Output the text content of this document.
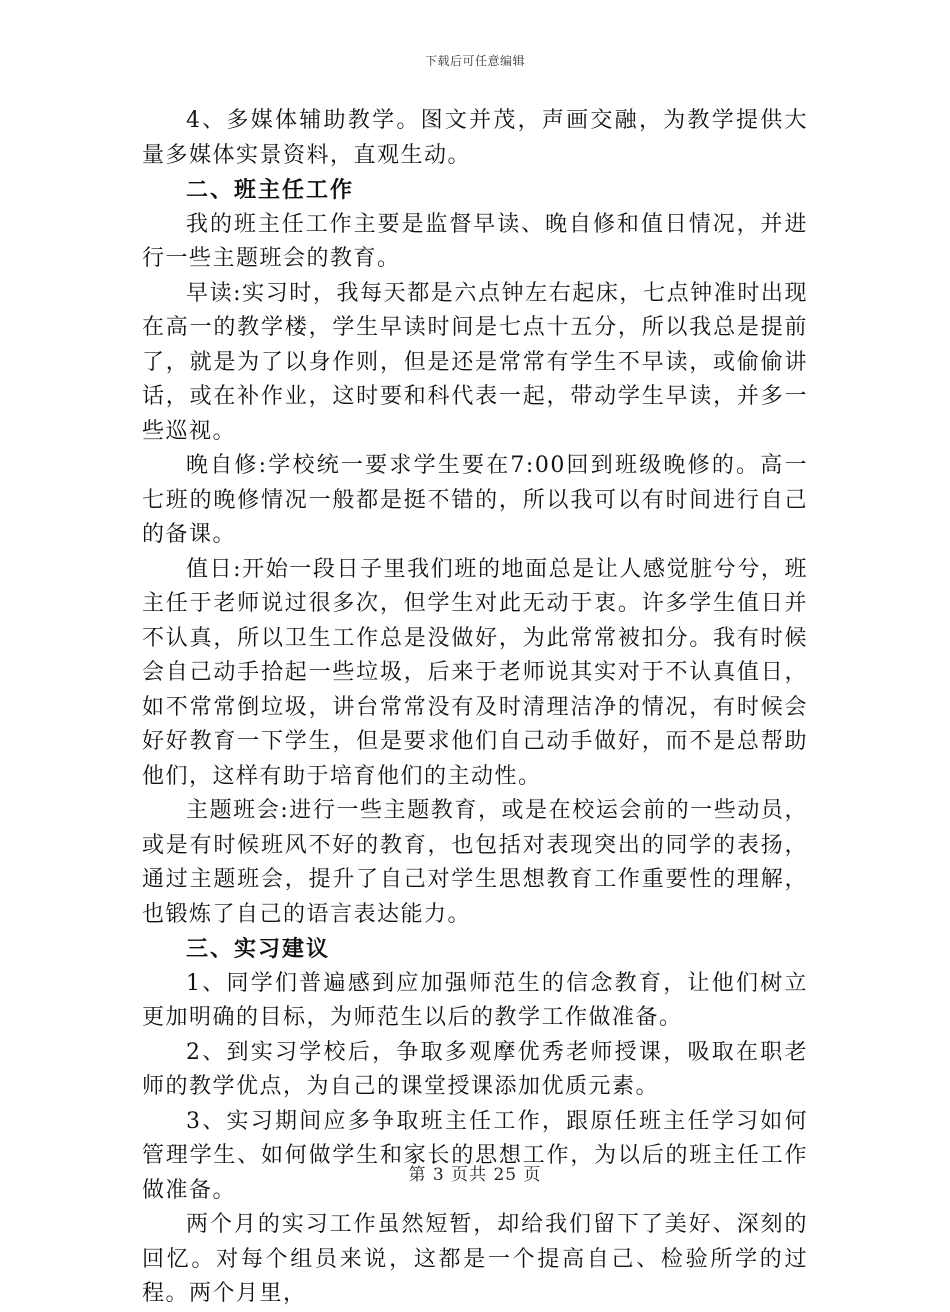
下载后可任意编辑

4、多媒体辅助教学。图文并茂，声画交融，为教学提供大量多媒体实景资料，直观生动。

二、班主任工作

我的班主任工作主要是监督早读、晚自修和值日情况，并进行一些主题班会的教育。

早读:实习时，我每天都是六点钟左右起床，七点钟准时出现在高一的教学楼，学生早读时间是七点十五分，所以我总是提前了，就是为了以身作则，但是还是常常有学生不早读，或偷偷讲话，或在补作业，这时要和科代表一起，带动学生早读，并多一些巡视。

晚自修:学校统一要求学生要在7:00回到班级晚修的。高一七班的晚修情况一般都是挺不错的，所以我可以有时间进行自己的备课。

值日:开始一段日子里我们班的地面总是让人感觉脏兮兮，班主任于老师说过很多次，但学生对此无动于衷。许多学生值日并不认真，所以卫生工作总是没做好，为此常常被扣分。我有时候会自己动手拾起一些垃圾，后来于老师说其实对于不认真值日，如不常常倒垃圾，讲台常常没有及时清理洁净的情况，有时候会好好教育一下学生，但是要求他们自己动手做好，而不是总帮助他们，这样有助于培育他们的主动性。

主题班会:进行一些主题教育，或是在校运会前的一些动员，或是有时候班风不好的教育，也包括对表现突出的同学的表扬，通过主题班会，提升了自己对学生思想教育工作重要性的理解，也锻炼了自己的语言表达能力。

三、实习建议

1、同学们普遍感到应加强师范生的信念教育，让他们树立更加明确的目标，为师范生以后的教学工作做准备。

2、到实习学校后，争取多观摩优秀老师授课，吸取在职老师的教学优点，为自己的课堂授课添加优质元素。

3、实习期间应多争取班主任工作，跟原任班主任学习如何管理学生、如何做学生和家长的思想工作，为以后的班主任工作做准备。

两个月的实习工作虽然短暂，却给我们留下了美好、深刻的回忆。对每个组员来说，这都是一个提高自己、检验所学的过程。两个月里，

第 3 页共 25 页
